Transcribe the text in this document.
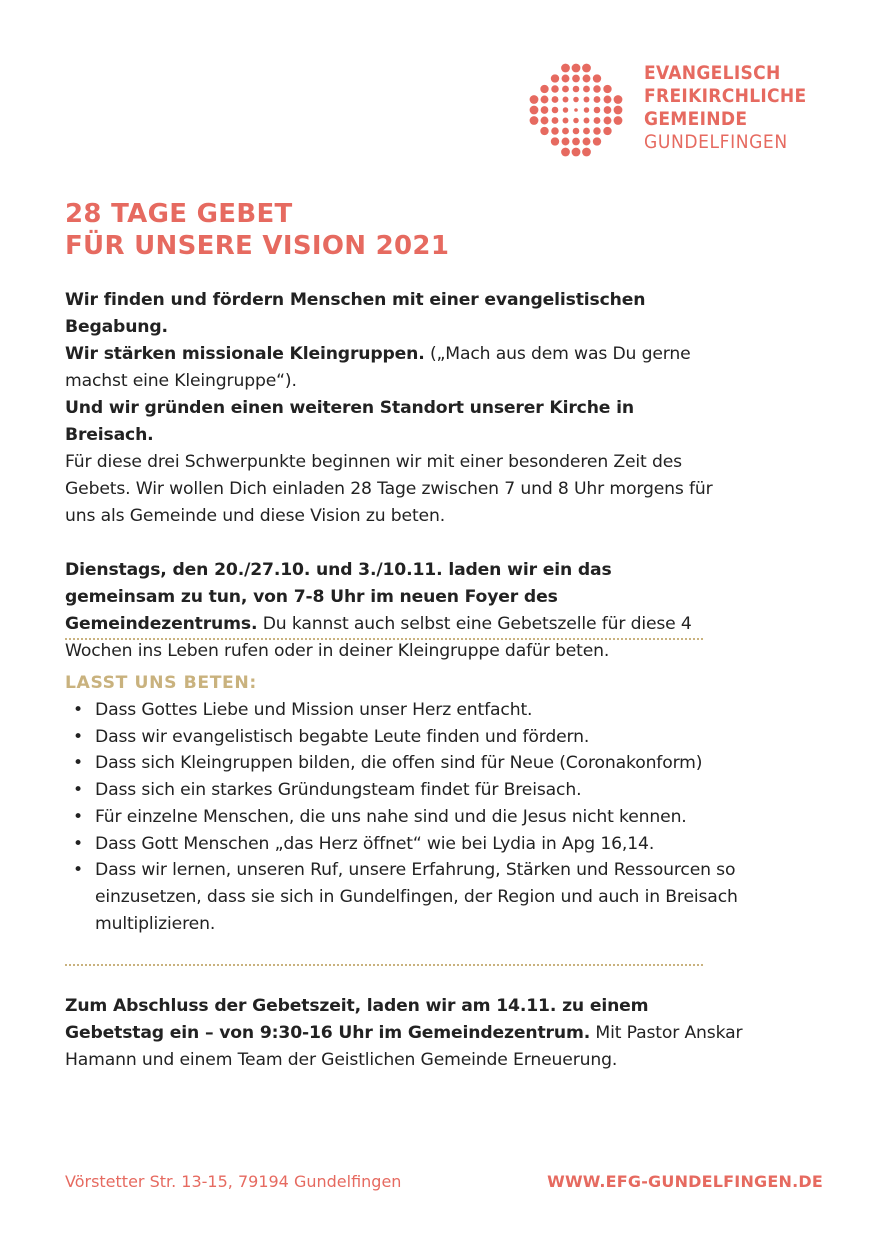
EVANGELISCH
FREIKIRCHLICHE
GEMEINDE
GUNDELFINGEN
28 TAGE GEBET
FÜR UNSERE VISION 2021

Wir finden und fördern Menschen mit einer evangelistischen Begabung.
Wir stärken missionale Kleingruppen. („Mach aus dem was Du gerne machst eine Kleingruppe“).
Und wir gründen einen weiteren Standort unserer Kirche in Breisach.
Für diese drei Schwerpunkte beginnen wir mit einer besonderen Zeit des Gebets. Wir wollen Dich einladen 28 Tage zwischen 7 und 8 Uhr morgens für uns als Gemeinde und diese Vision zu beten.

Dienstags, den 20./27.10. und 3./10.11. laden wir ein das gemeinsam zu tun, von 7-8 Uhr im neuen Foyer des Gemeindezentrums. Du kannst auch selbst eine Gebetszelle für diese 4 Wochen ins Leben rufen oder in deiner Kleingruppe dafür beten.

LASST UNS BETEN:
• Dass Gottes Liebe und Mission unser Herz entfacht.
• Dass wir evangelistisch begabte Leute finden und fördern.
• Dass sich Kleingruppen bilden, die offen sind für Neue (Coronakonform)
• Dass sich ein starkes Gründungsteam findet für Breisach.
• Für einzelne Menschen, die uns nahe sind und die Jesus nicht kennen.
• Dass Gott Menschen „das Herz öffnet“ wie bei Lydia in Apg 16,14.
• Dass wir lernen, unseren Ruf, unsere Erfahrung, Stärken und Ressourcen so einzusetzen, dass sie sich in Gundelfingen, der Region und auch in Breisach multiplizieren.

Zum Abschluss der Gebetszeit, laden wir am 14.11. zu einem Gebetstag ein – von 9:30-16 Uhr im Gemeindezentrum. Mit Pastor Anskar Hamann und einem Team der Geistlichen Gemeinde Erneuerung.

Vörstetter Str. 13-15, 79194 Gundelfingen	WWW.EFG-GUNDELFINGEN.DE
